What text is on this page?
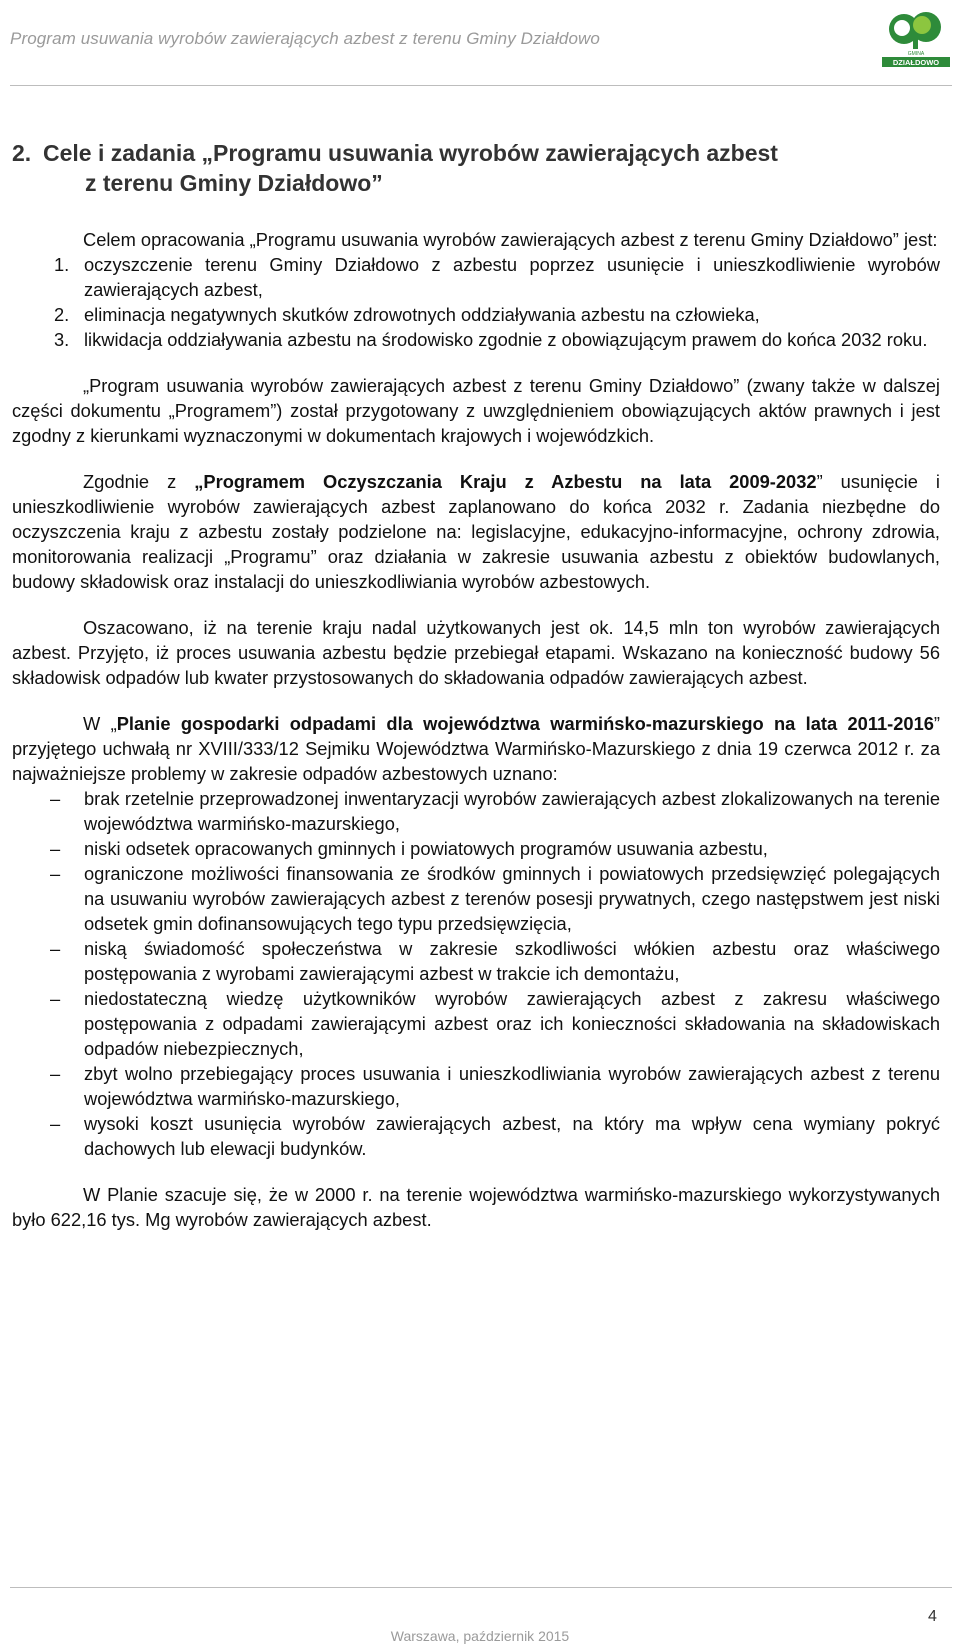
Program usuwania wyrobów zawierających azbest z terenu Gminy Działdowo
GMINA
DZIAŁDOWO
2. Cele i zadania „Programu usuwania wyrobów zawierających azbest
z terenu Gminy Działdowo”

Celem opracowania „Programu usuwania wyrobów zawierających azbest z terenu Gminy Działdowo” jest:

1. oczyszczenie terenu Gminy Działdowo z azbestu poprzez usunięcie i unieszkodliwienie wyrobów zawierających azbest,
2. eliminacja negatywnych skutków zdrowotnych oddziaływania azbestu na człowieka,
3. likwidacja oddziaływania azbestu na środowisko zgodnie z obowiązującym prawem do końca 2032 roku.

„Program usuwania wyrobów zawierających azbest z terenu Gminy Działdowo” (zwany także w dalszej części dokumentu „Programem”) został przygotowany z uwzględnieniem obowiązujących aktów prawnych i jest zgodny z kierunkami wyznaczonymi w dokumentach krajowych i wojewódzkich.

Zgodnie z „Programem Oczyszczania Kraju z Azbestu na lata 2009-2032” usunięcie i unieszkodliwienie wyrobów zawierających azbest zaplanowano do końca 2032 r. Zadania niezbędne do oczyszczenia kraju z azbestu zostały podzielone na: legislacyjne, edukacyjno-informacyjne, ochrony zdrowia, monitorowania realizacji „Programu” oraz działania w zakresie usuwania azbestu z obiektów budowlanych, budowy składowisk oraz instalacji do unieszkodliwiania wyrobów azbestowych.

Oszacowano, iż na terenie kraju nadal użytkowanych jest ok. 14,5 mln ton wyrobów zawierających azbest. Przyjęto, iż proces usuwania azbestu będzie przebiegał etapami. Wskazano na konieczność budowy 56 składowisk odpadów lub kwater przystosowanych do składowania odpadów zawierających azbest.

W „Planie gospodarki odpadami dla województwa warmińsko-mazurskiego na lata 2011-2016” przyjętego uchwałą nr XVIII/333/12 Sejmiku Województwa Warmińsko-Mazurskiego z dnia 19 czerwca 2012 r. za najważniejsze problemy w zakresie odpadów azbestowych uznano:

– brak rzetelnie przeprowadzonej inwentaryzacji wyrobów zawierających azbest zlokalizowanych na terenie województwa warmińsko-mazurskiego,
– niski odsetek opracowanych gminnych i powiatowych programów usuwania azbestu,
– ograniczone możliwości finansowania ze środków gminnych i powiatowych przedsięwzięć polegających na usuwaniu wyrobów zawierających azbest z terenów posesji prywatnych, czego następstwem jest niski odsetek gmin dofinansowujących tego typu przedsięwzięcia,
– niską świadomość społeczeństwa w zakresie szkodliwości włókien azbestu oraz właściwego postępowania z wyrobami zawierającymi azbest w trakcie ich demontażu,
– niedostateczną wiedzę użytkowników wyrobów zawierających azbest z zakresu właściwego postępowania z odpadami zawierającymi azbest oraz ich konieczności składowania na składowiskach odpadów niebezpiecznych,
– zbyt wolno przebiegający proces usuwania i unieszkodliwiania wyrobów zawierających azbest z terenu województwa warmińsko-mazurskiego,
– wysoki koszt usunięcia wyrobów zawierających azbest, na który ma wpływ cena wymiany pokryć dachowych lub elewacji budynków.

W Planie szacuje się, że w 2000 r. na terenie województwa warmińsko-mazurskiego wykorzystywanych było 622,16 tys. Mg wyrobów zawierających azbest.

4
Warszawa, październik 2015
